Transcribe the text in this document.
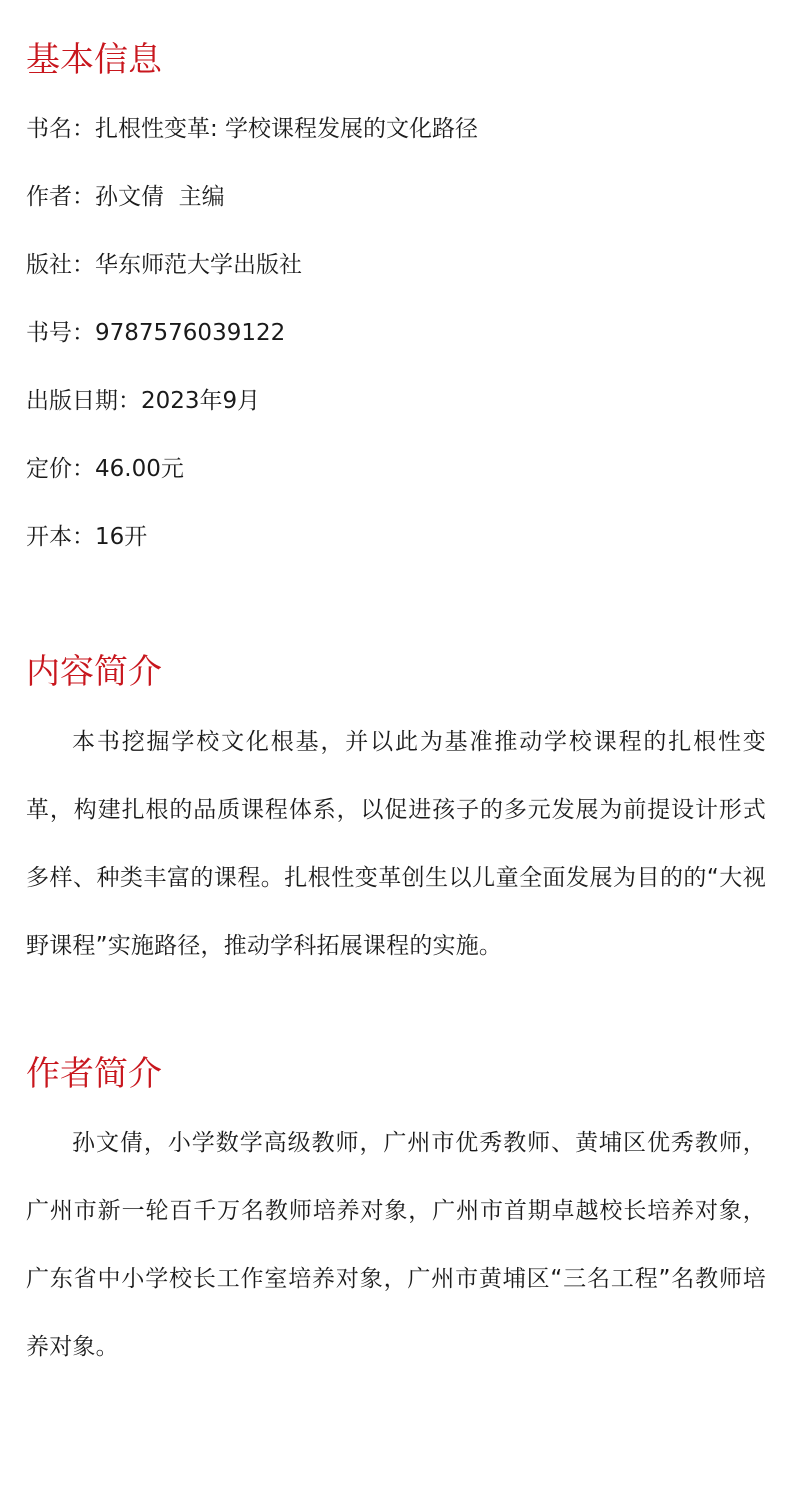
基本信息
书名：扎根性变革: 学校课程发展的文化路径
作者：孙文倩  主编
版社：华东师范大学出版社
书号：9787576039122
出版日期：2023年9月
定价：46.00元
开本：16开
内容简介

本书挖掘学校文化根基，并以此为基准推动学校课程的扎根性变革，构建扎根的品质课程体系，以促进孩子的多元发展为前提设计形式多样、种类丰富的课程。扎根性变革创生以儿童全面发展为目的的“大视野课程”实施路径，推动学科拓展课程的实施。

作者简介

孙文倩，小学数学高级教师，广州市优秀教师、黄埔区优秀教师，广州市新一轮百千万名教师培养对象，广州市首期卓越校长培养对象，广东省中小学校长工作室培养对象，广州市黄埔区“三名工程”名教师培养对象。
